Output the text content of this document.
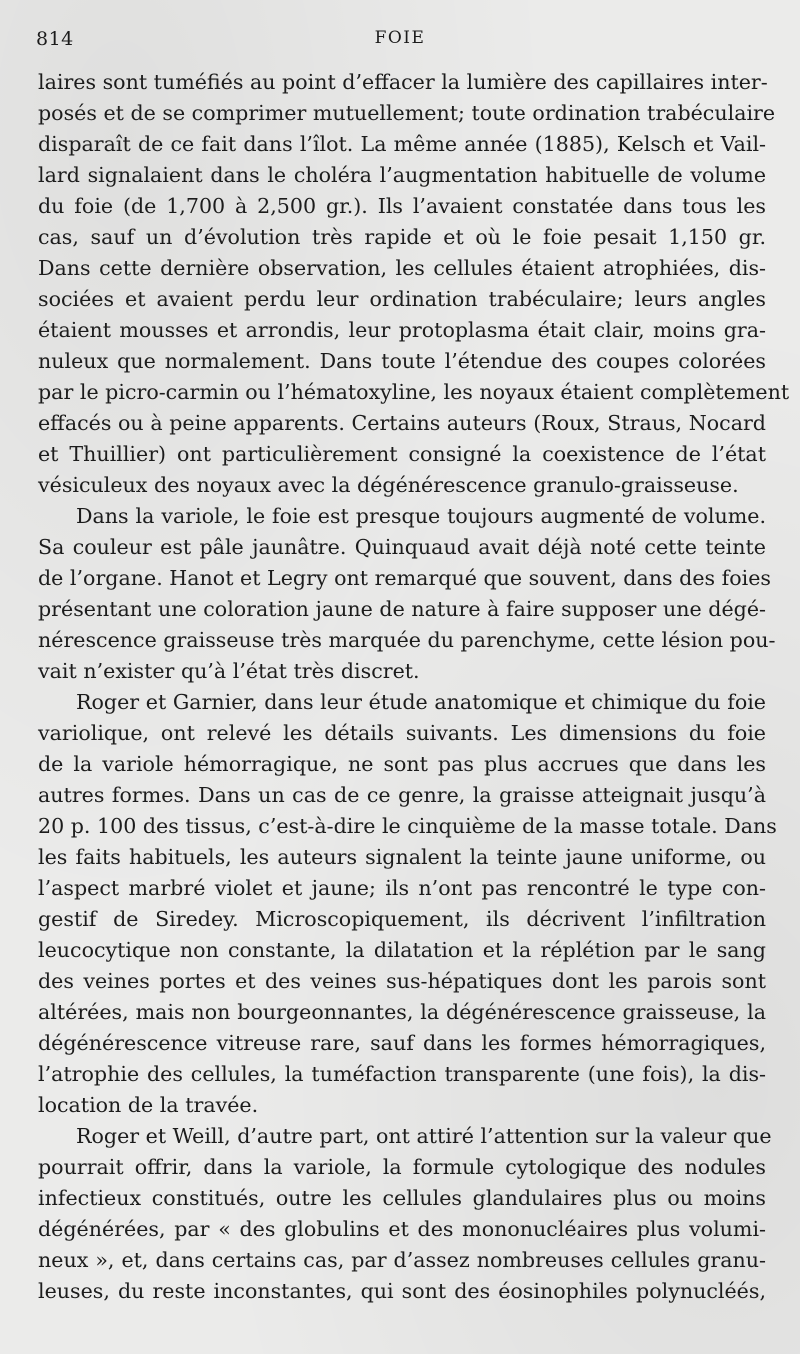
814	FOIE
laires sont tuméfiés au point d’effacer la lumière des capillaires inter-
posés et de se comprimer mutuellement; toute ordination trabéculaire
disparaît de ce fait dans l’îlot. La même année (1885), Kelsch et Vail-
lard signalaient dans le choléra l’augmentation habituelle de volume
du foie (de 1,700 à 2,500 gr.). Ils l’avaient constatée dans tous les
cas, sauf un d’évolution très rapide et où le foie pesait 1,150 gr.
Dans cette dernière observation, les cellules étaient atrophiées, dis-
sociées et avaient perdu leur ordination trabéculaire; leurs angles
étaient mousses et arrondis, leur protoplasma était clair, moins gra-
nuleux que normalement. Dans toute l’étendue des coupes colorées
par le picro-carmin ou l’hématoxyline, les noyaux étaient complètement
effacés ou à peine apparents. Certains auteurs (Roux, Straus, Nocard
et Thuillier) ont particulièrement consigné la coexistence de l’état
vésiculeux des noyaux avec la dégénérescence granulo-graisseuse.
Dans la variole, le foie est presque toujours augmenté de volume.
Sa couleur est pâle jaunâtre. Quinquaud avait déjà noté cette teinte
de l’organe. Hanot et Legry ont remarqué que souvent, dans des foies
présentant une coloration jaune de nature à faire supposer une dégé-
nérescence graisseuse très marquée du parenchyme, cette lésion pou-
vait n’exister qu’à l’état très discret.
Roger et Garnier, dans leur étude anatomique et chimique du foie
variolique, ont relevé les détails suivants. Les dimensions du foie
de la variole hémorragique, ne sont pas plus accrues que dans les
autres formes. Dans un cas de ce genre, la graisse atteignait jusqu’à
20 p. 100 des tissus, c’est-à-dire le cinquième de la masse totale. Dans
les faits habituels, les auteurs signalent la teinte jaune uniforme, ou
l’aspect marbré violet et jaune; ils n’ont pas rencontré le type con-
gestif de Siredey. Microscopiquement, ils décrivent l’infiltration
leucocytique non constante, la dilatation et la réplétion par le sang
des veines portes et des veines sus-hépatiques dont les parois sont
altérées, mais non bourgeonnantes, la dégénérescence graisseuse, la
dégénérescence vitreuse rare, sauf dans les formes hémorragiques,
l’atrophie des cellules, la tuméfaction transparente (une fois), la dis-
location de la travée.
Roger et Weill, d’autre part, ont attiré l’attention sur la valeur que
pourrait offrir, dans la variole, la formule cytologique des nodules
infectieux constitués, outre les cellules glandulaires plus ou moins
dégénérées, par « des globulins et des mononucléaires plus volumi-
neux », et, dans certains cas, par d’assez nombreuses cellules granu-
leuses, du reste inconstantes, qui sont des éosinophiles polynucléés,
